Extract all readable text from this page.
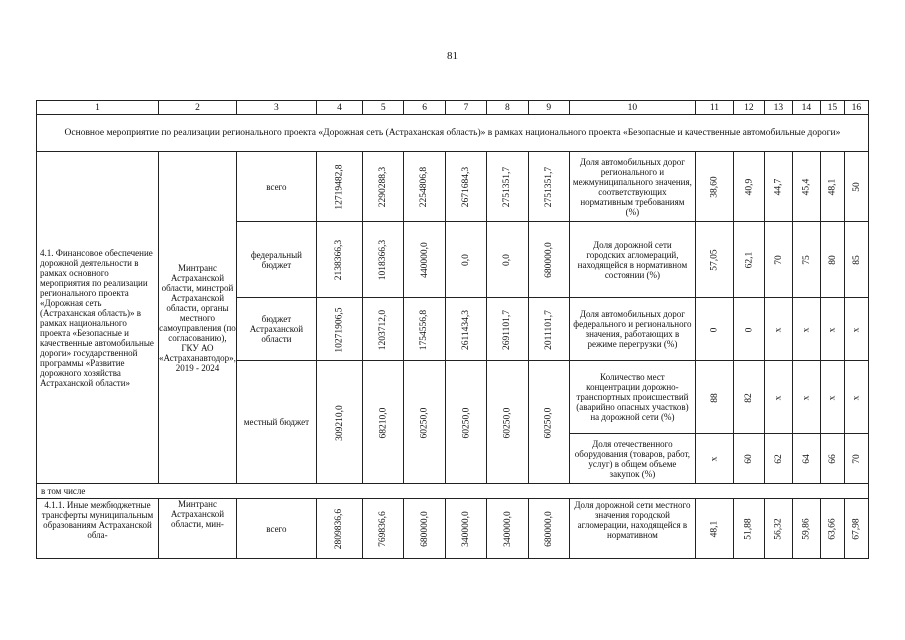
81
1	2	3	4	5	6	7	8	9	10	11	12	13	14	15	16
Основное мероприятие по реализации регионального проекта «Дорожная сеть (Астраханская область)» в рамках национального проекта «Безопасные и качественные автомобильные дороги»															
4.1. Финансовое обеспечение дорожной деятельности в рамках основного мероприятия по реализации регионального проекта «Дорожная сеть (Астраханская область)» в рамках национального проекта «Безопасные и качественные автомобильные дороги» государственной программы «Развитие дорожного хозяйства Астраханской области»	Минтранс Астраханской области, минстрой Астраханской области, органы местного самоуправления (по согласованию), ГКУ АО «Астраханавтодор», 2019 - 2024	всего	12719482,8	2290288,3	2254806,8	2671684,3	2751351,7	2751351,7	Доля автомобильных дорог регионального и межмуниципального значения, соответствующих нормативным требованиям (%)	38,60	40,9	44,7	45,4	48,1	50
		федеральный бюджет	2138366,3	1018366,3	440000,0	0,0	0,0	680000,0	Доля дорожной сети городских агломераций, находящейся в нормативном состоянии (%)	57,05	62,1	70	75	80	85
		бюджет Астраханской области	10271906,5	1203712,0	1754556,8	2611434,3	2691101,7	2011101,7	Доля автомобильных дорог федерального и регионального значения, работающих в режиме перегрузки (%)	0	0	x	x	x	x
		местный бюджет	309210,0	68210,0	60250,0	60250,0	60250,0	60250,0	Количество мест концентрации дорожно-транспортных происшествий (аварийно опасных участков) на дорожной сети (%)	88	82	x	x	x	x
									Доля отечественного оборудования (товаров, работ, услуг) в общем объеме закупок (%)	x	60	62	64	66	70
в том числе															
4.1.1. Иные межбюджетные трансферты муниципальным образованиям Астраханской обла-	Минтранс Астраханской области, мин-	всего	2809836,6	769836,6	680000,0	340000,0	340000,0	680000,0	Доля дорожной сети местного значения городской агломерации, находящейся в нормативном	48,1	51,88	56,32	59,86	63,66	67,98
